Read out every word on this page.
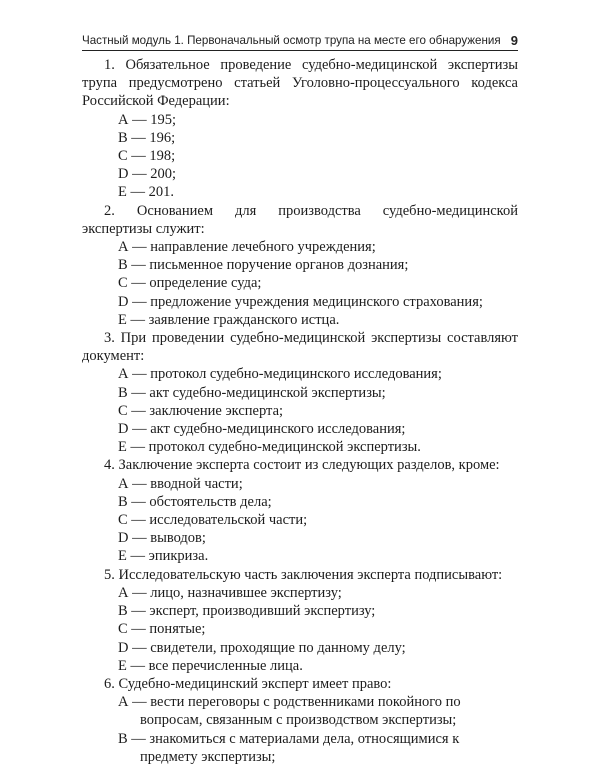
Частный модуль 1. Первоначальный осмотр трупа на месте его обнаружения 9

1. Обязательное проведение судебно-медицинской экспертизы трупа предусмотрено статьей Уголовно-процессуального кодекса Российской Федерации:

А — 195;
В — 196;
С — 198;
D — 200;
Е — 201.

2. Основанием для производства судебно-медицинской экспертизы служит:

А — направление лечебного учреждения;
В — письменное поручение органов дознания;
С — определение суда;
D — предложение учреждения медицинского страхования;
Е — заявление гражданского истца.

3. При проведении судебно-медицинской экспертизы составляют документ:

А — протокол судебно-медицинского исследования;
В — акт судебно-медицинской экспертизы;
С — заключение эксперта;
D — акт судебно-медицинского исследования;
Е — протокол судебно-медицинской экспертизы.

4. Заключение эксперта состоит из следующих разделов, кроме:

А — вводной части;
В — обстоятельств дела;
С — исследовательской части;
D — выводов;
Е — эпикриза.

5. Исследовательскую часть заключения эксперта подписывают:

А — лицо, назначившее экспертизу;
В — эксперт, производивший экспертизу;
С — понятые;
D — свидетели, проходящие по данному делу;
Е — все перечисленные лица.

6. Судебно-медицинский эксперт имеет право:

А — вести переговоры с родственниками покойного по вопросам, связанным с производством экспертизы;
В — знакомиться с материалами дела, относящимися к предмету экспертизы;
